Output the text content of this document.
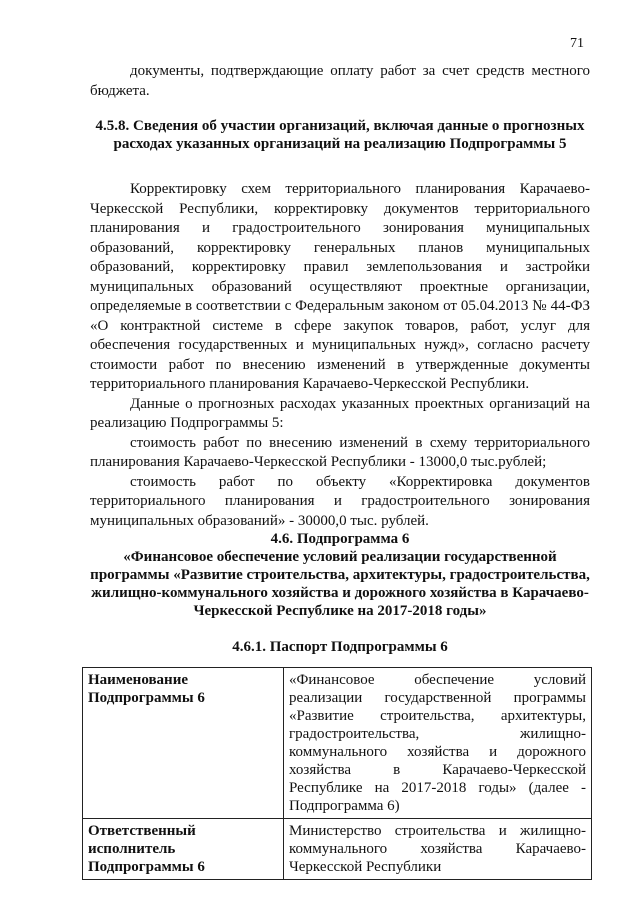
71

документы, подтверждающие оплату работ за счет средств местного бюджета.

4.5.8. Сведения об участии организаций, включая данные о прогнозных расходах указанных организаций на реализацию Подпрограммы 5

Корректировку схем территориального планирования Карачаево-Черкесской Республики, корректировку документов территориального планирования и градостроительного зонирования муниципальных образований, корректировку генеральных планов муниципальных образований, корректировку правил землепользования и застройки муниципальных образований осуществляют проектные организации, определяемые в соответствии с Федеральным законом от 05.04.2013 № 44-ФЗ «О контрактной системе в сфере закупок товаров, работ, услуг для обеспечения государственных и муниципальных нужд», согласно расчету стоимости работ по внесению изменений в утвержденные документы территориального планирования Карачаево-Черкесской Республики.

Данные о прогнозных расходах указанных проектных организаций на реализацию Подпрограммы 5:

стоимость работ по внесению изменений в схему территориального планирования Карачаево-Черкесской Республики - 13000,0 тыс.рублей;

стоимость работ по объекту «Корректировка документов территориального планирования и градостроительного зонирования муниципальных образований» - 30000,0 тыс. рублей.

4.6. Подпрограмма 6
«Финансовое обеспечение условий реализации государственной программы «Развитие строительства, архитектуры, градостроительства, жилищно-коммунального хозяйства и дорожного хозяйства в Карачаево-Черкесской Республике на 2017-2018 годы»
4.6.1. Паспорт Подпрограммы 6
Наименование Подпрограммы 6	«Финансовое обеспечение условий реализации государственной программы «Развитие строительства, архитектуры, градостроительства, жилищно-коммунального хозяйства и дорожного хозяйства в Карачаево-Черкесской Республике на 2017-2018 годы» (далее - Подпрограмма 6)
Ответственный исполнитель Подпрограммы 6	Министерство строительства и жилищно-коммунального хозяйства Карачаево-Черкесской Республики
